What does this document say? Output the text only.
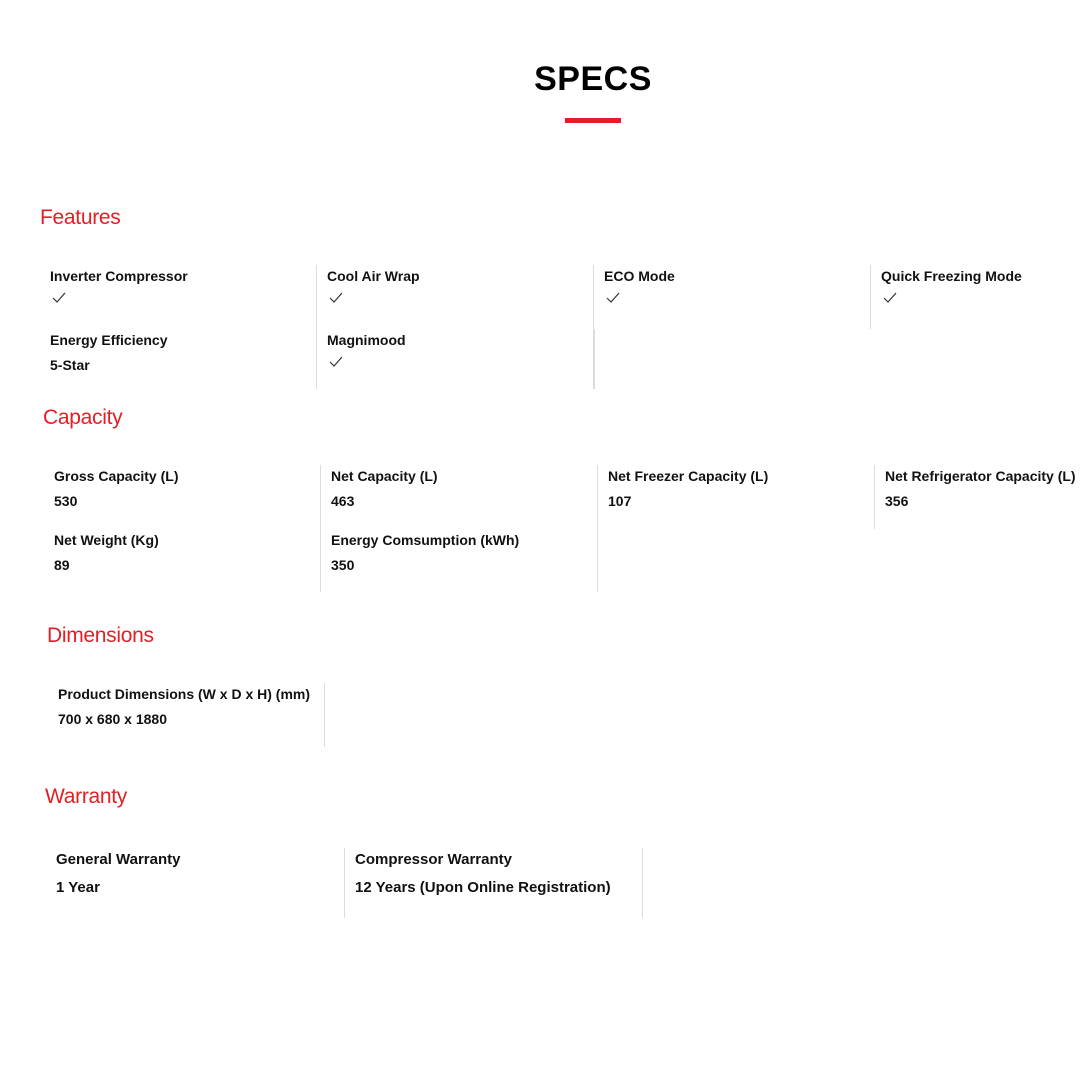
SPECS
Features
Inverter Compressor
Energy Efficiency
5-Star
Cool Air Wrap
Magnimood
ECO Mode	Quick Freezing Mode
Capacity
Gross Capacity (L)
530
Net Weight (Kg)
89
Net Capacity (L)
463
Energy Comsumption (kWh)
350
Net Freezer Capacity (L)
107
Net Refrigerator Capacity (L)
356
Dimensions
Product Dimensions (W x D x H) (mm)
700 x 680 x 1880
Warranty
General Warranty
1 Year
Compressor Warranty
12 Years (Upon Online Registration)
